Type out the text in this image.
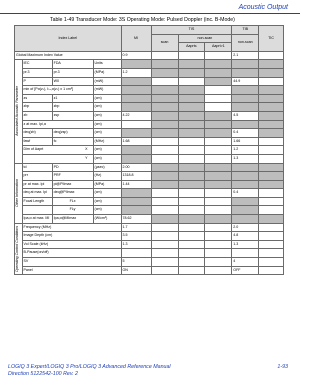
Acoustic Output
Table 1-49 Transducer Mode: 3S Operating Mode: Pulsed Doppler (inc. B-Mode)
Index Label				MI	TIS			TIB	TIC
					scan	non-scan		non-scan	
						Aaprt≤	Aaprt>1		
Global Maximum Index Value				0.9				2.1	

Associated Acoustic Parameter	IEC	FDA	Units						
	pr.3	pr.3	(MPa)	1.2					
	P	W0	(mW)					44.9	
	min of [Pα(zₛ), Iₜₐ,α(zₛ) x 1 cm²]		(mW)						
	zs	z1	(cm)						
	zbp	zbp	(cm)						
	zb	zsp	(cm)	4.22				4.5	
	z at max. Ipi,α		(cm)						
	deq(zb)	deq(zsp)	(cm)					0.4	
	fawf	fc	(MHz)	1.68				1.66	
	Dim of Aaprt X		(cm)					1.2	

	Y		(cm)					1.3	

Other Information	td	PD	(µsec)	2.00					
	prr	PRF	(Hz)	1318.8					
	pr at max. Ipi	pi@PIImax	(MPa)	1.44					
	deq at max. Ipi	deq@PIImax	(cm)					0.4	
	Focal Length	FLx	(cm)						
		FLy	(cm)						
	Ipa,α at max. MI	Ipa,α@MImax	(W/cm²)	78.62					

Operating Control Conditions	Frequency (MHz)			1.7				2.0	
	Image Depth (cm)			3.5				4.8	
	Vol Scale (kHz)			1.3				1.3	
	B-Pause(on/off)								
	SV			5				4	
	Panel			ON				OFF	
LOGIQ 3 Expert/LOGIQ 3 Pro/LOGIQ 3 Advanced Reference Manual
Direction 5122542-100 Rev. 2
1-93
